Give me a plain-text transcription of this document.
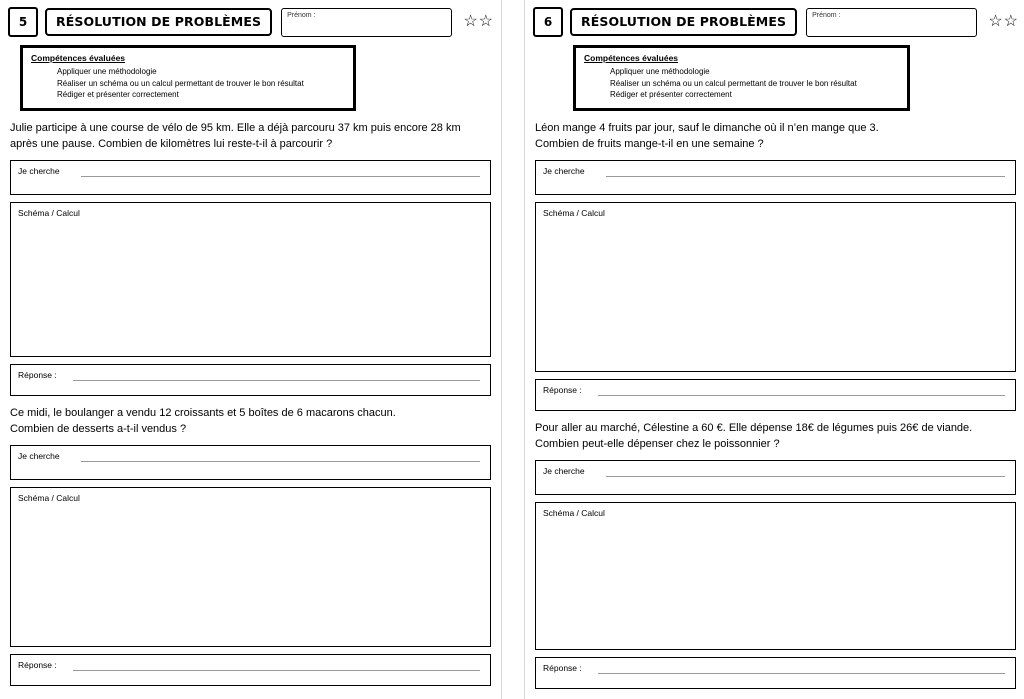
5	RÉSOLUTION DE PROBLÈMES	Prénom :	☆ ☆
Compétences évaluées
Appliquer une méthodologie
Réaliser un schéma ou un calcul permettant de trouver le bon résultat
Rédiger et présenter correctement
Julie participe à une course de vélo de 95 km. Elle a déjà parcouru 37 km puis encore 28 km
après une pause. Combien de kilomètres lui reste-t-il à parcourir ?
Je cherche
Schéma / Calcul
Réponse :
Ce midi, le boulanger a vendu 12 croissants et 5 boîtes de 6 macarons chacun.
Combien de desserts a-t-il vendus ?
Je cherche
Schéma / Calcul
Réponse :
6	RÉSOLUTION DE PROBLÈMES	Prénom :	☆ ☆
Compétences évaluées
Appliquer une méthodologie
Réaliser un schéma ou un calcul permettant de trouver le bon résultat
Rédiger et présenter correctement
Léon mange 4 fruits par jour, sauf le dimanche où il n’en mange que 3.
Combien de fruits mange-t-il en une semaine ?
Je cherche
Schéma / Calcul
Réponse :
Pour aller au marché, Célestine a 60 €. Elle dépense 18€ de légumes puis 26€ de viande.
Combien peut-elle dépenser chez le poissonnier ?
Je cherche
Schéma / Calcul
Réponse :
